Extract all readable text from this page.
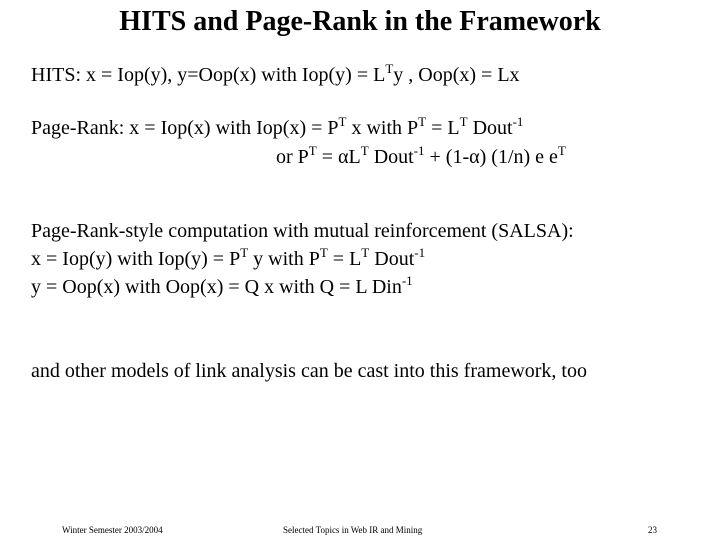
HITS and Page-Rank in the Framework
HITS: x = Iop(y), y=Oop(x) with $Iop(y) = L^Ty$ , Oop(x) = Lx
Page-Rank: x = Iop(x) with $Iop(x) = P^T$ x with $P^T = L^T$ Dout$^{-1}$
or $P^T = \alpha L^T$ Dout$^{-1}$ + (1-α) (1/n) e $e^T$
Page-Rank-style computation with mutual reinforcement (SALSA):
x = Iop(y) with $Iop(y) = P^T$ y with $P^T = L^T$ Dout$^{-1}$
y = Oop(x) with Oop(x) = Q x with Q = L Din$^{-1}$
and other models of link analysis can be cast into this framework, too
Winter Semester 2003/2004	Selected Topics in Web IR and Mining	23
